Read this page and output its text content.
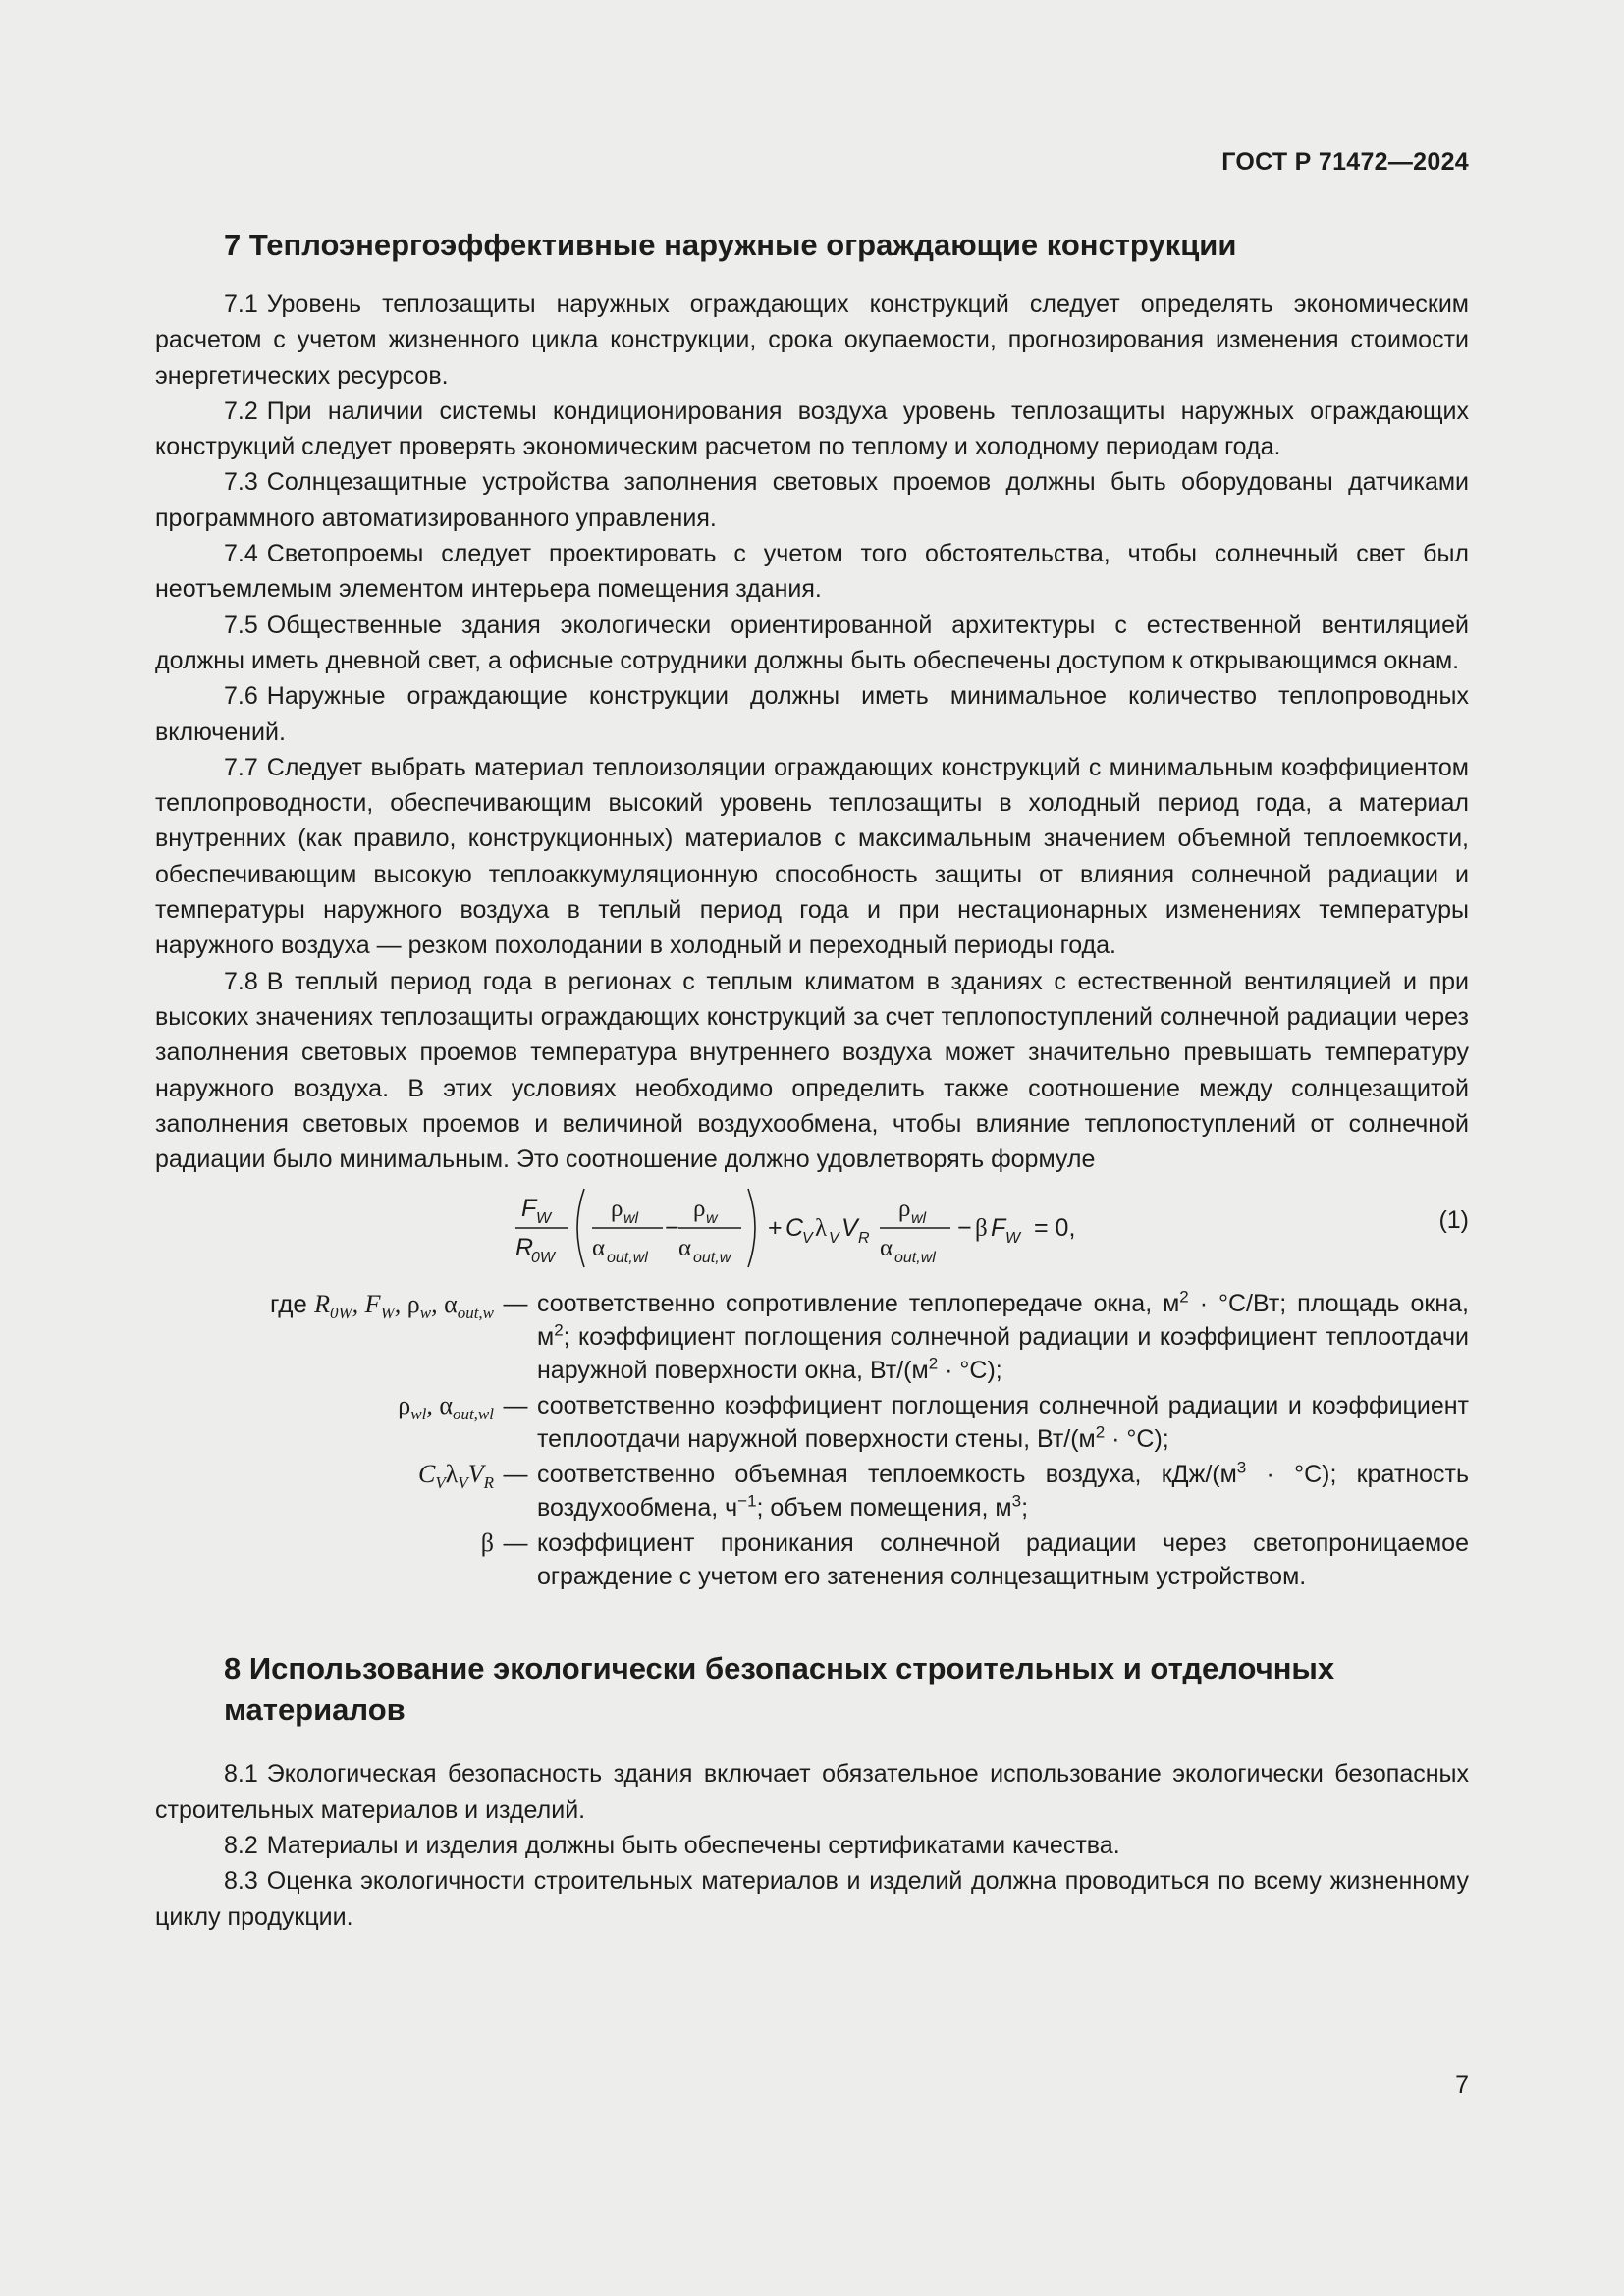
ГОСТ Р 71472—2024
7 Теплоэнергоэффективные наружные ограждающие конструкции

7.1 Уровень теплозащиты наружных ограждающих конструкций следует определять экономическим расчетом с учетом жизненного цикла конструкции, срока окупаемости, прогнозирования изменения стоимости энергетических ресурсов.

7.2 При наличии системы кондиционирования воздуха уровень теплозащиты наружных ограждающих конструкций следует проверять экономическим расчетом по теплому и холодному периодам года.

7.3 Солнцезащитные устройства заполнения световых проемов должны быть оборудованы датчиками программного автоматизированного управления.

7.4 Светопроемы следует проектировать с учетом того обстоятельства, чтобы солнечный свет был неотъемлемым элементом интерьера помещения здания.

7.5 Общественные здания экологически ориентированной архитектуры с естественной вентиляцией должны иметь дневной свет, а офисные сотрудники должны быть обеспечены доступом к открывающимся окнам.

7.6 Наружные ограждающие конструкции должны иметь минимальное количество теплопроводных включений.

7.7 Следует выбрать материал теплоизоляции ограждающих конструкций с минимальным коэффициентом теплопроводности, обеспечивающим высокий уровень теплозащиты в холодный период года, а материал внутренних (как правило, конструкционных) материалов с максимальным значением объемной теплоемкости, обеспечивающим высокую теплоаккумуляционную способность защиты от влияния солнечной радиации и температуры наружного воздуха в теплый период года и при нестационарных изменениях температуры наружного воздуха — резком похолодании в холодный и переходный периоды года.

7.8 В теплый период года в регионах с теплым климатом в зданиях с естественной вентиляцией и при высоких значениях теплозащиты ограждающих конструкций за счет теплопоступлений солнечной радиации через заполнения световых проемов температура внутреннего воздуха может значительно превышать температуру наружного воздуха. В этих условиях необходимо определить также соотношение между солнцезащитой заполнения световых проемов и величиной воздухообмена, чтобы влияние теплопоступлений от солнечной радиации было минимальным. Это соотношение должно удовлетворять формуле

F W
R
0W
ρ wl
α out,wl
−
ρ w
α out,w
+ C
V λ V V R
ρ wl
α out,wl
− β F W = 0,	(1)
где $R_{0W}$, $F_W$, $\rho_w$, $\alpha_{out,w}$ — соответственно сопротивление теплопередаче окна, $м^2 \cdot ^\circ С/Вт$; площадь окна, $м^2$; коэффициент поглощения солнечной радиации и коэффициент теплоотдачи наружной поверхности окна, $Вт/(м^2 \cdot ^\circ С)$;
$\rho_{wl}$, $\alpha_{out,wl}$ — соответственно коэффициент поглощения солнечной радиации и коэффициент теплоотдачи наружной поверхности стены, $Вт/(м^2 \cdot ^\circ С)$;
$C_V\lambda_VV_R$ — соответственно объемная теплоемкость воздуха, кДж/$(м^3 \cdot ^\circ С)$; кратность воздухообмена, $ч^{-1}$; объем помещения, $м^3$;
β — коэффициент проникания солнечной радиации через светопроницаемое ограждение с учетом его затенения солнцезащитным устройством.
8 Использование экологически безопасных строительных и отделочных материалов

8.1 Экологическая безопасность здания включает обязательное использование экологически безопасных строительных материалов и изделий.

8.2 Материалы и изделия должны быть обеспечены сертификатами качества.

8.3 Оценка экологичности строительных материалов и изделий должна проводиться по всему жизненному циклу продукции.

7
